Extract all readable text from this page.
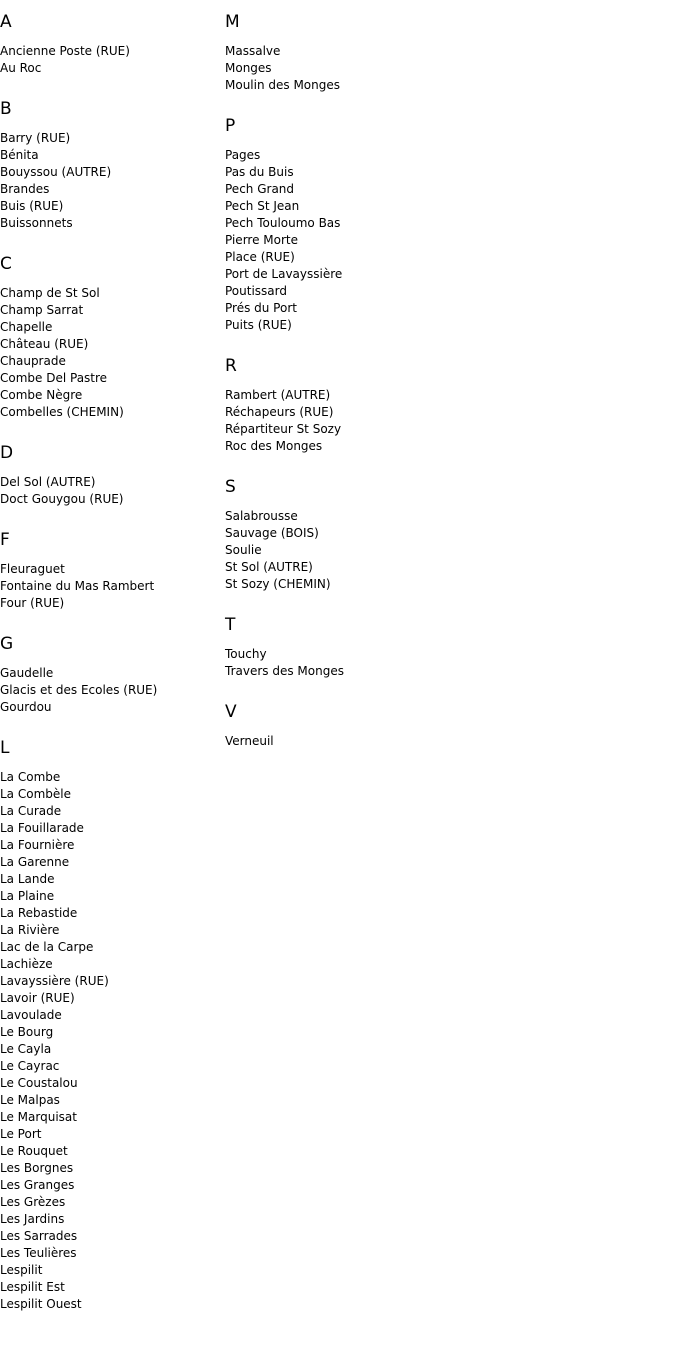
A
Ancienne Poste (RUE)
Au Roc
B
Barry (RUE)
Bénita
Bouyssou (AUTRE)
Brandes
Buis (RUE)
Buissonnets
C
Champ de St Sol
Champ Sarrat
Chapelle
Château (RUE)
Chauprade
Combe Del Pastre
Combe Nègre
Combelles (CHEMIN)
D
Del Sol (AUTRE)
Doct Gouygou (RUE)
F
Fleuraguet
Fontaine du Mas Rambert
Four (RUE)
G
Gaudelle
Glacis et des Ecoles (RUE)
Gourdou
L
La Combe
La Combèle
La Curade
La Fouillarade
La Fournière
La Garenne
La Lande
La Plaine
La Rebastide
La Rivière
Lac de la Carpe
Lachièze
Lavayssière (RUE)
Lavoir (RUE)
Lavoulade
Le Bourg
Le Cayla
Le Cayrac
Le Coustalou
Le Malpas
Le Marquisat
Le Port
Le Rouquet
Les Borgnes
Les Granges
Les Grèzes
Les Jardins
Les Sarrades
Les Teulières
Lespilit
Lespilit Est
Lespilit Ouest
M
Massalve
Monges
Moulin des Monges
P
Pages
Pas du Buis
Pech Grand
Pech St Jean
Pech Touloumo Bas
Pierre Morte
Place (RUE)
Port de Lavayssière
Poutissard
Prés du Port
Puits (RUE)
R
Rambert (AUTRE)
Réchapeurs (RUE)
Répartiteur St Sozy
Roc des Monges
S
Salabrousse
Sauvage (BOIS)
Soulie
St Sol (AUTRE)
St Sozy (CHEMIN)
T
Touchy
Travers des Monges
V
Verneuil
